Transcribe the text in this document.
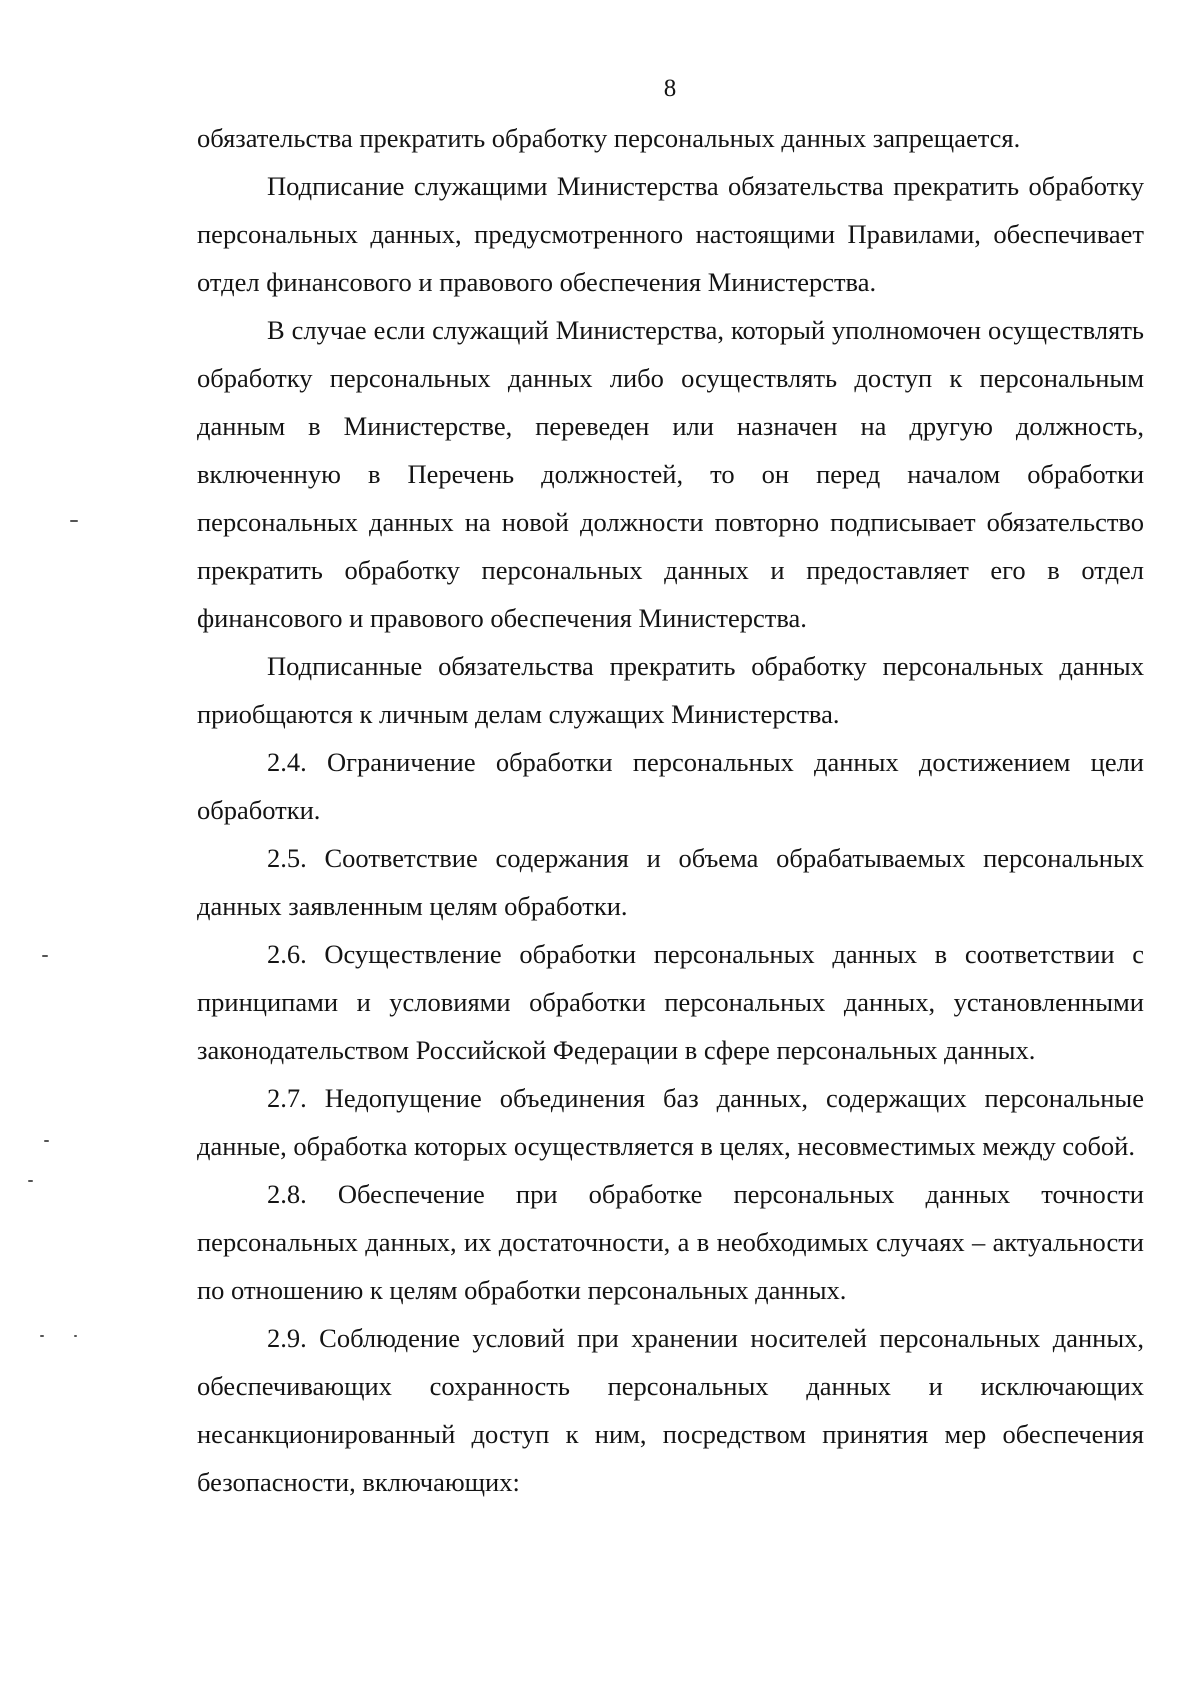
8

обязательства прекратить обработку персональных данных запрещается.

Подписание служащими Министерства обязательства прекратить обработку персональных данных, предусмотренного настоящими Правилами, обеспечивает отдел финансового и правового обеспечения Министерства.

В случае если служащий Министерства, который уполномочен осуществлять обработку персональных данных либо осуществлять доступ к персональным данным в Министерстве, переведен или назначен на другую должность, включенную в Перечень должностей, то он перед началом обработки персональных данных на новой должности повторно подписывает обязательство прекратить обработку персональных данных и предоставляет его в отдел финансового и правового обеспечения Министерства.

Подписанные обязательства прекратить обработку персональных данных приобщаются к личным делам служащих Министерства.

2.4. Ограничение обработки персональных данных достижением цели обработки.

2.5. Соответствие содержания и объема обрабатываемых персональных данных заявленным целям обработки.

2.6. Осуществление обработки персональных данных в соответствии с принципами и условиями обработки персональных данных, установленными законодательством Российской Федерации в сфере персональных данных.

2.7. Недопущение объединения баз данных, содержащих персональные данные, обработка которых осуществляется в целях, несовместимых между собой.

2.8. Обеспечение при обработке персональных данных точности персональных данных, их достаточности, а в необходимых случаях – актуальности по отношению к целям обработки персональных данных.

2.9. Соблюдение условий при хранении носителей персональных данных, обеспечивающих сохранность персональных данных и исключающих несанкционированный доступ к ним, посредством принятия мер обеспечения безопасности, включающих:
